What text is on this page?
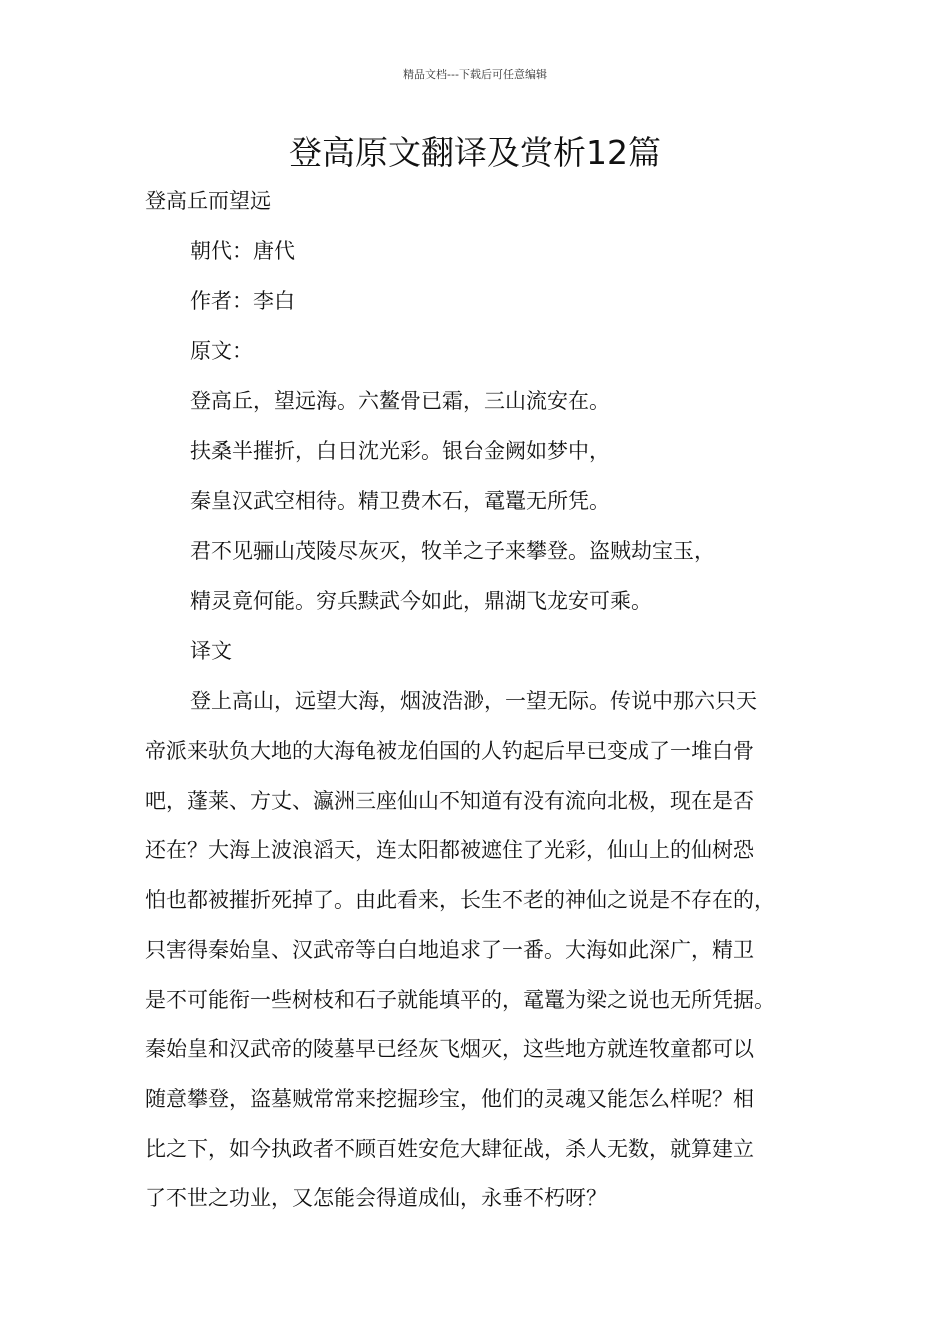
精品文档---下载后可任意编辑
登高原文翻译及赏析12篇
登高丘而望远
朝代：唐代
作者：李白
原文：
登高丘，望远海。六鳌骨已霜，三山流安在。
扶桑半摧折，白日沈光彩。银台金阙如梦中，
秦皇汉武空相待。精卫费木石，鼋鼍无所凭。
君不见骊山茂陵尽灰灭，牧羊之子来攀登。盗贼劫宝玉，
精灵竟何能。穷兵黩武今如此，鼎湖飞龙安可乘。
译文
登上高山，远望大海，烟波浩渺，一望无际。传说中那六只天
帝派来驮负大地的大海龟被龙伯国的人钓起后早已变成了一堆白骨
吧，蓬莱、方丈、瀛洲三座仙山不知道有没有流向北极，现在是否
还在？大海上波浪滔天，连太阳都被遮住了光彩，仙山上的仙树恐
怕也都被摧折死掉了。由此看来，长生不老的神仙之说是不存在的，
只害得秦始皇、汉武帝等白白地追求了一番。大海如此深广，精卫
是不可能衔一些树枝和石子就能填平的，鼋鼍为梁之说也无所凭据。
秦始皇和汉武帝的陵墓早已经灰飞烟灭，这些地方就连牧童都可以
随意攀登，盗墓贼常常来挖掘珍宝，他们的灵魂又能怎么样呢？相
比之下，如今执政者不顾百姓安危大肆征战，杀人无数，就算建立
了不世之功业，又怎能会得道成仙，永垂不朽呀？
